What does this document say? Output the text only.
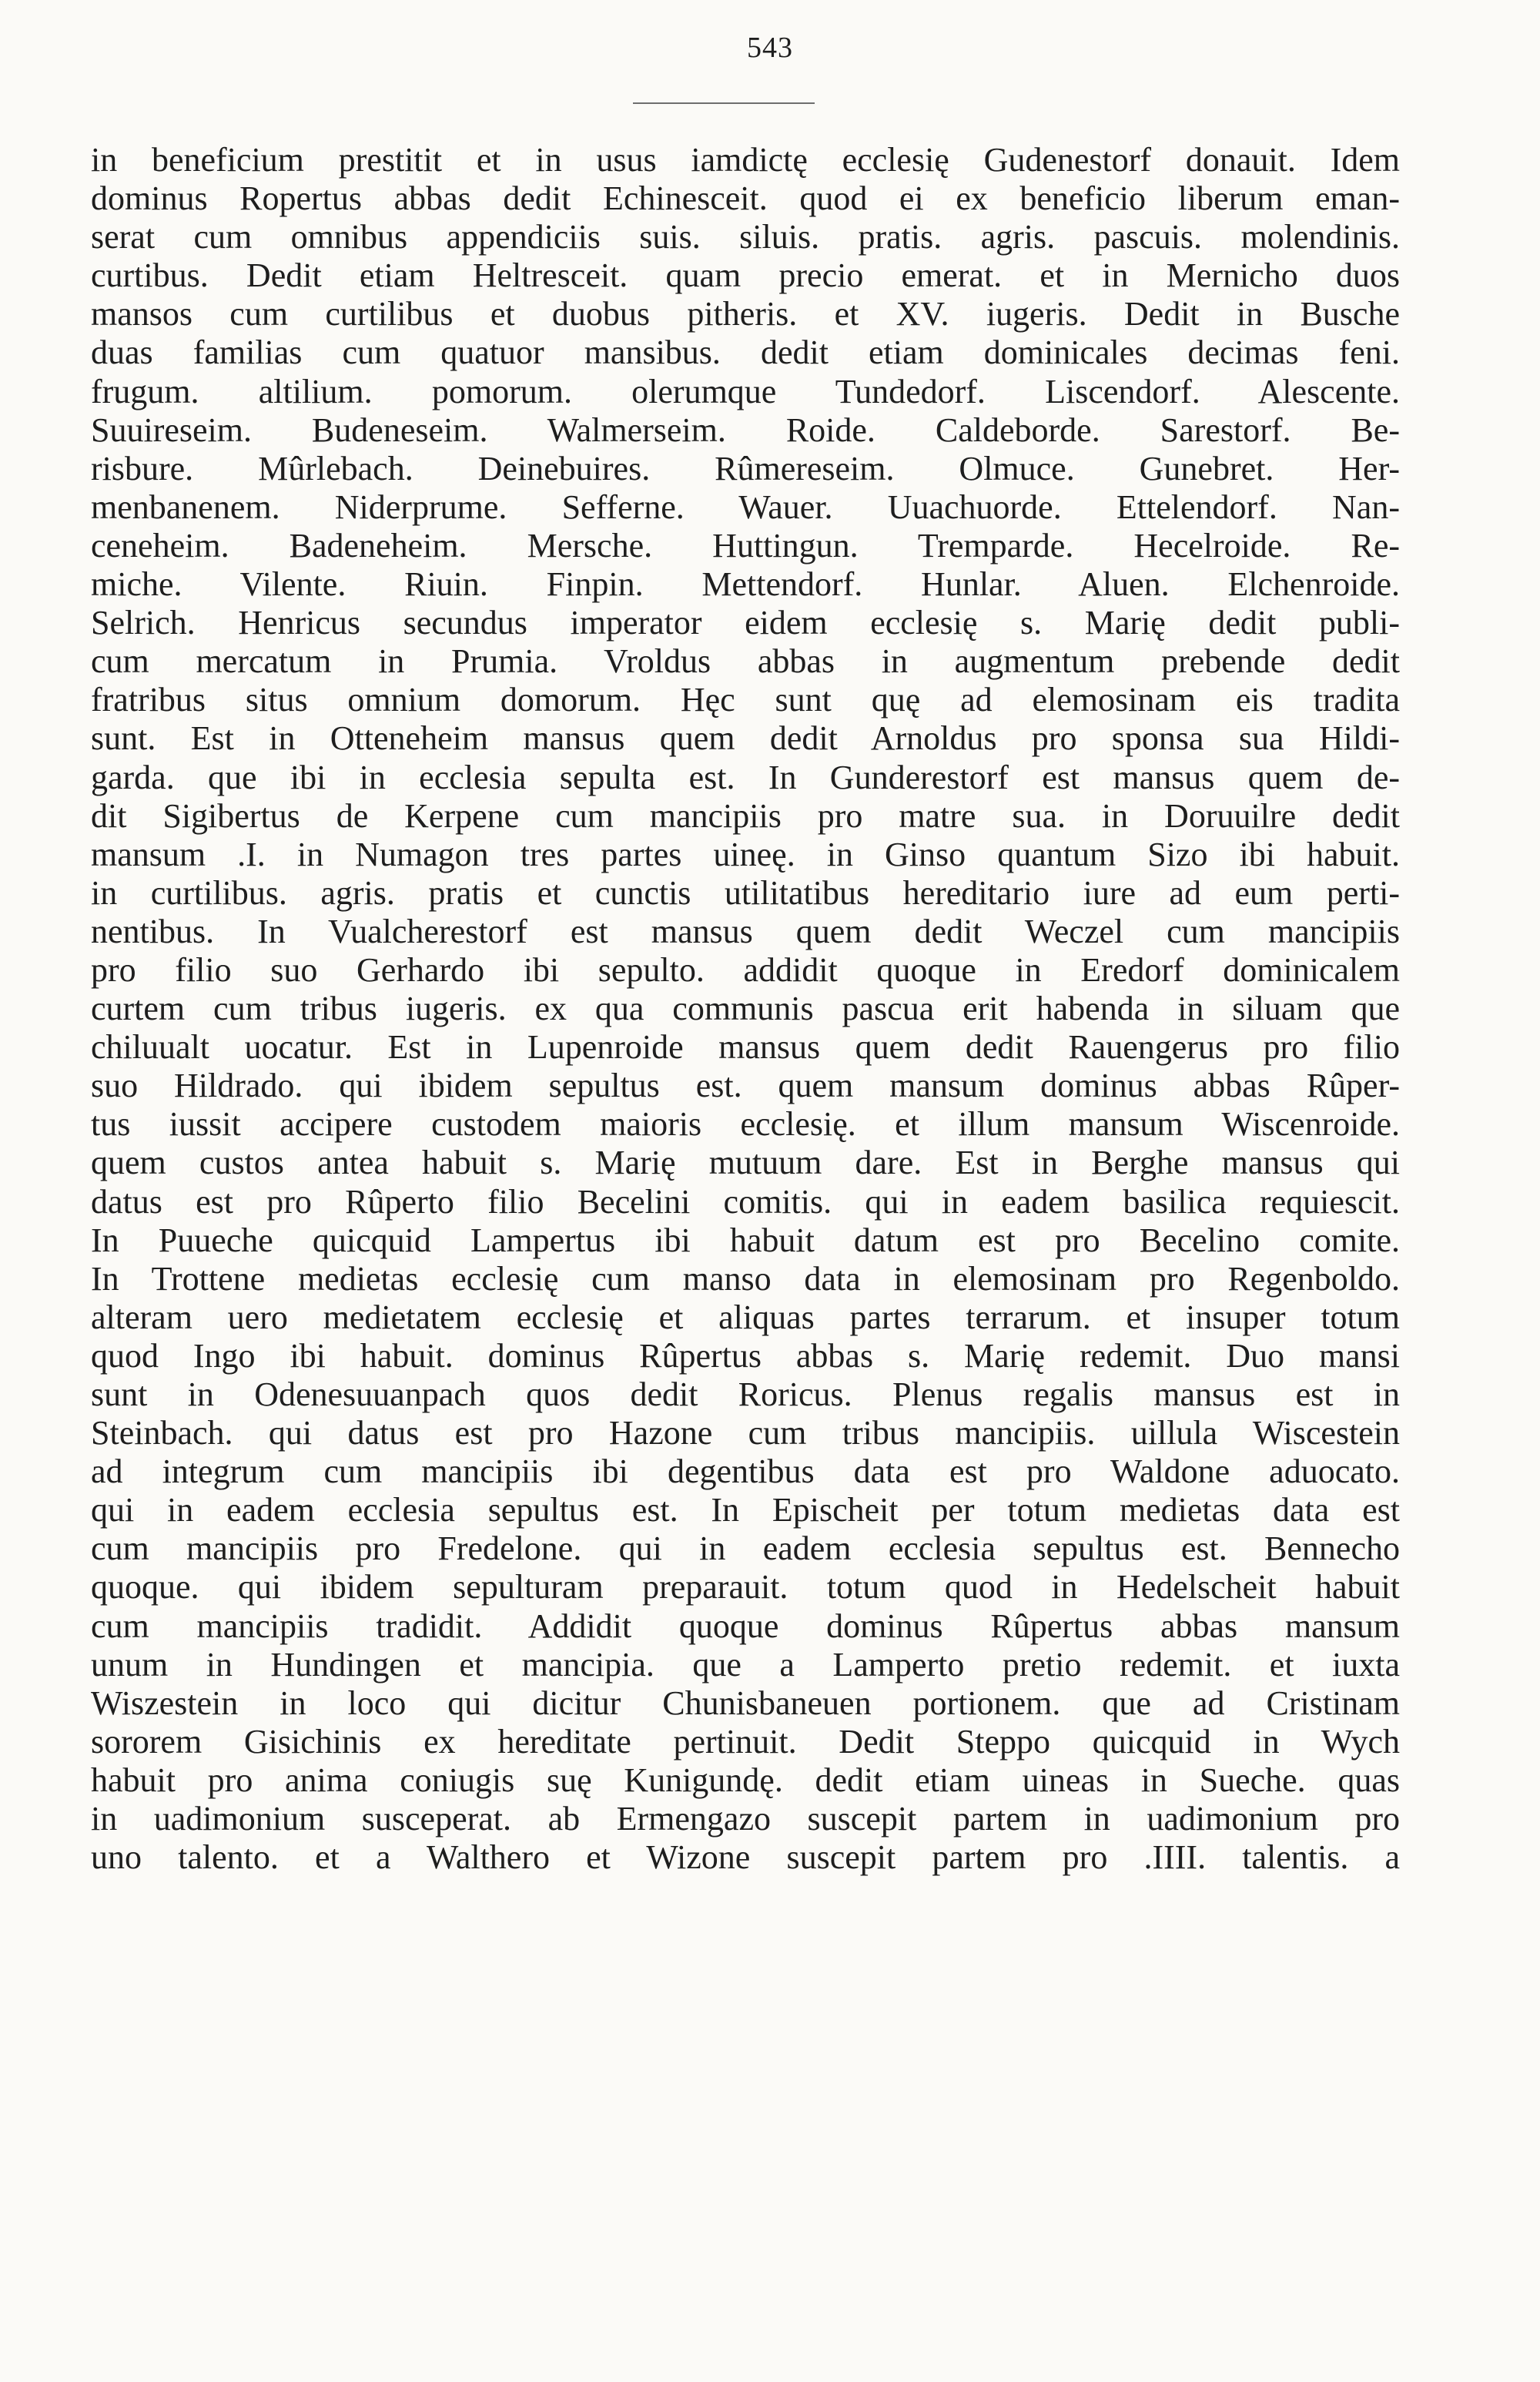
543
in beneficium prestitit et in usus iamdictę ecclesię Gudenestorf donauit. Idem
dominus Ropertus abbas dedit Echinesceit. quod ei ex beneficio liberum eman-
serat cum omnibus appendiciis suis. siluis. pratis. agris. pascuis. molendinis.
curtibus. Dedit etiam Heltresceit. quam precio emerat. et in Mernicho duos
mansos cum curtilibus et duobus pitheris. et XV. iugeris. Dedit in Busche
duas familias cum quatuor mansibus. dedit etiam dominicales decimas feni.
frugum. altilium. pomorum. olerumque Tundedorf. Liscendorf. Alescente.
Suuireseim. Budeneseim. Walmerseim. Roide. Caldeborde. Sarestorf. Be-
risbure. Mûrlebach. Deinebuires. Rûmereseim. Olmuce. Gunebret. Her-
menbanenem. Niderprume. Sefferne. Wauer. Uuachuorde. Ettelendorf. Nan-
ceneheim. Badeneheim. Mersche. Huttingun. Tremparde. Hecelroide. Re-
miche. Vilente. Riuin. Finpin. Mettendorf. Hunlar. Aluen. Elchenroide.
Selrich. Henricus secundus imperator eidem ecclesię s. Marię dedit publi-
cum mercatum in Prumia. Vroldus abbas in augmentum prebende dedit
fratribus situs omnium domorum. Hęc sunt quę ad elemosinam eis tradita
sunt. Est in Otteneheim mansus quem dedit Arnoldus pro sponsa sua Hildi-
garda. que ibi in ecclesia sepulta est. In Gunderestorf est mansus quem de-
dit Sigibertus de Kerpene cum mancipiis pro matre sua. in Doruuilre dedit
mansum .I. in Numagon tres partes uineę. in Ginso quantum Sizo ibi habuit.
in curtilibus. agris. pratis et cunctis utilitatibus hereditario iure ad eum perti-
nentibus. In Vualcherestorf est mansus quem dedit Weczel cum mancipiis
pro filio suo Gerhardo ibi sepulto. addidit quoque in Eredorf dominicalem
curtem cum tribus iugeris. ex qua communis pascua erit habenda in siluam que
chiluualt uocatur. Est in Lupenroide mansus quem dedit Rauengerus pro filio
suo Hildrado. qui ibidem sepultus est. quem mansum dominus abbas Rûper-
tus iussit accipere custodem maioris ecclesię. et illum mansum Wiscenroide.
quem custos antea habuit s. Marię mutuum dare. Est in Berghe mansus qui
datus est pro Rûperto filio Becelini comitis. qui in eadem basilica requiescit.
In Puueche quicquid Lampertus ibi habuit datum est pro Becelino comite.
In Trottene medietas ecclesię cum manso data in elemosinam pro Regenboldo.
alteram uero medietatem ecclesię et aliquas partes terrarum. et insuper totum
quod Ingo ibi habuit. dominus Rûpertus abbas s. Marię redemit. Duo mansi
sunt in Odenesuuanpach quos dedit Roricus. Plenus regalis mansus est in
Steinbach. qui datus est pro Hazone cum tribus mancipiis. uillula Wiscestein
ad integrum cum mancipiis ibi degentibus data est pro Waldone aduocato.
qui in eadem ecclesia sepultus est. In Epischeit per totum medietas data est
cum mancipiis pro Fredelone. qui in eadem ecclesia sepultus est. Bennecho
quoque. qui ibidem sepulturam preparauit. totum quod in Hedelscheit habuit
cum mancipiis tradidit. Addidit quoque dominus Rûpertus abbas mansum
unum in Hundingen et mancipia. que a Lamperto pretio redemit. et iuxta
Wiszestein in loco qui dicitur Chunisbaneuen portionem. que ad Cristinam
sororem Gisichinis ex hereditate pertinuit. Dedit Steppo quicquid in Wych
habuit pro anima coniugis suę Kunigundę. dedit etiam uineas in Sueche. quas
in uadimonium susceperat. ab Ermengazo suscepit partem in uadimonium pro
uno talento. et a Walthero et Wizone suscepit partem pro .IIII. talentis. a
